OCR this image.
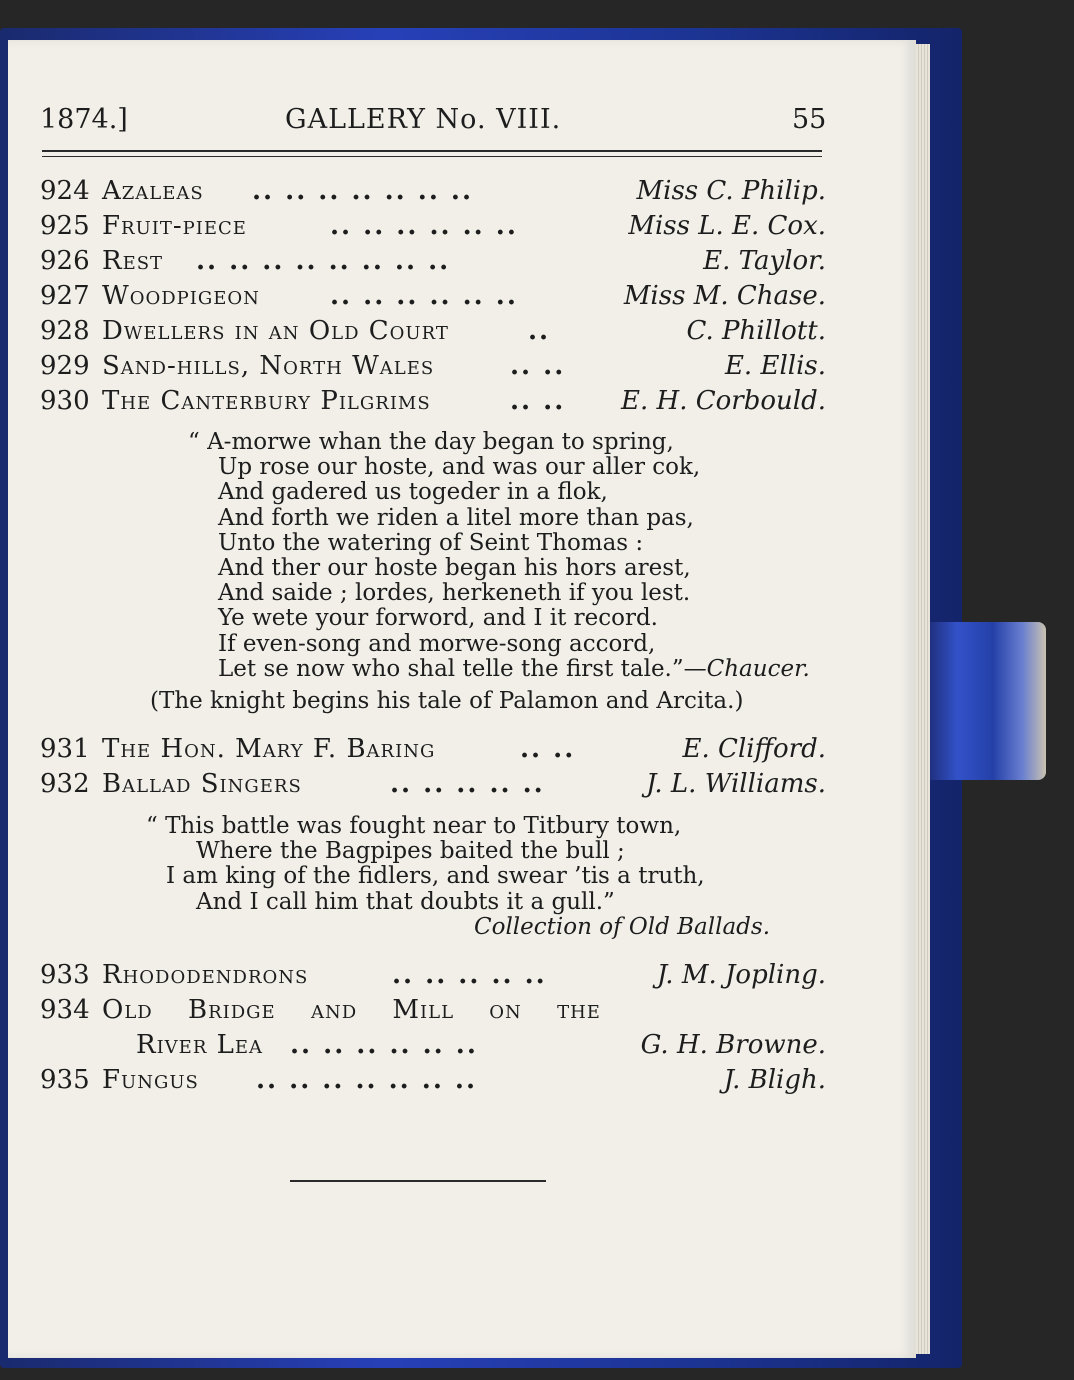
1874.]	GALLERY No. VIII.	55
924 Azaleas .. .. .. .. .. .. ..	Miss C. Philip.
925 Fruit-piece	.. .. .. .. .. ..	Miss L. E. Cox.
926 Rest .. .. .. .. .. .. .. ..	E. Taylor.
927 Woodpigeon	.. .. .. .. .. ..	Miss M. Chase.
928 Dwellers in an Old Court	..	C. Phillott.
929 Sand-hills, North Wales	.. ..	E. Ellis.
930 The Canterbury Pilgrims	.. ..	E. H. Corbould.
“ A-morwe whan the day began to spring,
Up rose our hoste, and was our aller cok,
And gadered us togeder in a flok,
And forth we riden a litel more than pas,
Unto the watering of Seint Thomas :
And ther our hoste began his hors arest,
And saide ; lordes, herkeneth if you lest.
Ye wete your forword, and I it record.
If even-song and morwe-song accord,
Let se now who shal telle the first tale.”—Chaucer.
(The knight begins his tale of Palamon and Arcita.)
931 The Hon. Mary F. Baring	.. ..	E. Clifford.
932 Ballad Singers	.. .. .. .. ..	J. L. Williams.
“ This battle was fought near to Titbury town,
Where the Bagpipes baited the bull ;
I am king of the fidlers, and swear ’tis a truth,
And I call him that doubts it a gull.”
Collection of Old Ballads.
933 Rhododendrons	.. .. .. .. ..	J. M. Jopling.
934 Old Bridge and Mill on the
River Lea .. .. .. .. .. ..	G. H. Browne.
935 Fungus .. .. .. .. .. .. ..	J. Bligh.
